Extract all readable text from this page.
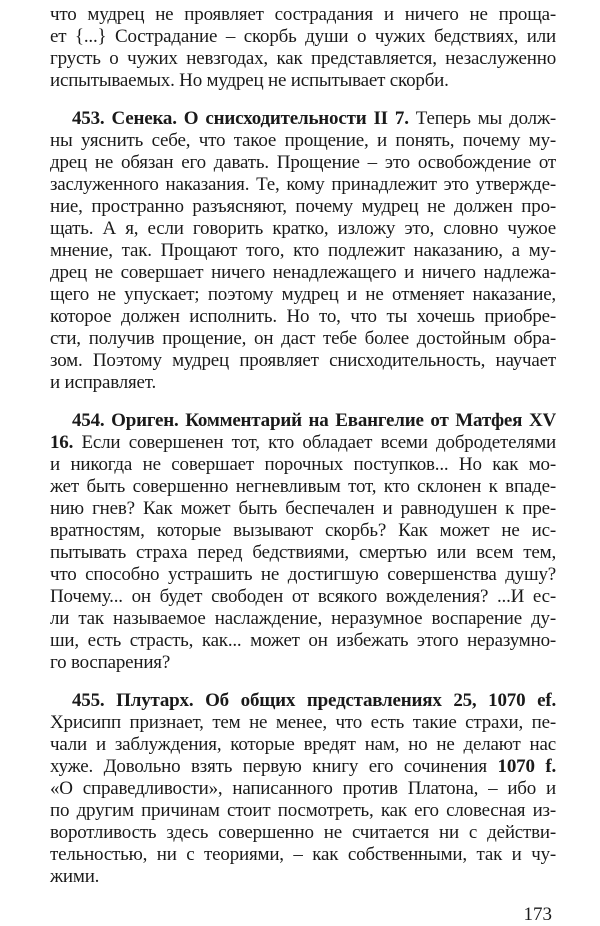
что мудрец не проявляет сострадания и ничего не проща-
ет {...} Сострадание – скорбь души о чужих бедствиях, или
грусть о чужих невзгодах, как представляется, незаслуженно
испытываемых. Но мудрец не испытывает скорби.
453. Сенека. О снисходительности II 7. Теперь мы долж-
ны уяснить себе, что такое прощение, и понять, почему му-
дрец не обязан его давать. Прощение – это освобождение от
заслуженного наказания. Те, кому принадлежит это утвержде-
ние, пространно разъясняют, почему мудрец не должен про-
щать. А я, если говорить кратко, изложу это, словно чужое
мнение, так. Прощают того, кто подлежит наказанию, а му-
дрец не совершает ничего ненадлежащего и ничего надлежа-
щего не упускает; поэтому мудрец и не отменяет наказание,
которое должен исполнить. Но то, что ты хочешь приобре-
сти, получив прощение, он даст тебе более достойным обра-
зом. Поэтому мудрец проявляет снисходительность, научает
и исправляет.
454. Ориген. Комментарий на Евангелие от Матфея XV
16. Если совершенен тот, кто обладает всеми добродетелями
и никогда не совершает порочных поступков... Но как мо-
жет быть совершенно негневливым тот, кто склонен к впаде-
нию гнев? Как может быть беспечален и равнодушен к пре-
вратностям, которые вызывают скорбь? Как может не ис-
пытывать страха перед бедствиями, смертью или всем тем,
что способно устрашить не достигшую совершенства душу?
Почему... он будет свободен от всякого вожделения? ...И ес-
ли так называемое наслаждение, неразумное воспарение ду-
ши, есть страсть, как... может он избежать этого неразумно-
го воспарения?
455. Плутарх. Об общих представлениях 25, 1070 ef.
Хрисипп признает, тем не менее, что есть такие страхи, пе-
чали и заблуждения, которые вредят нам, но не делают нас
хуже. Довольно взять первую книгу его сочинения 1070 f.
«О справедливости», написанного против Платона, – ибо и
по другим причинам стоит посмотреть, как его словесная из-
воротливость здесь совершенно не считается ни с действи-
тельностью, ни с теориями, – как собственными, так и чу-
жими.
173
